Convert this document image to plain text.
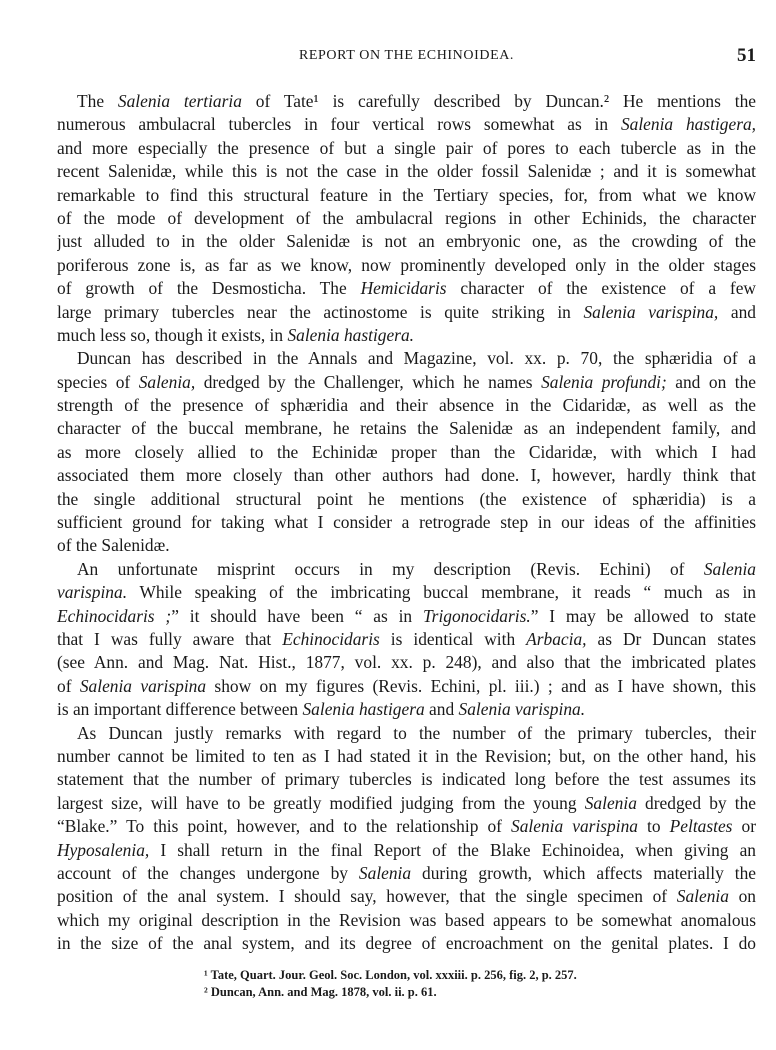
REPORT ON THE ECHINOIDEA.	51
The Salenia tertiaria of Tate¹ is carefully described by Duncan.² He mentions the
numerous ambulacral tubercles in four vertical rows somewhat as in Salenia hastigera,
and more especially the presence of but a single pair of pores to each tubercle as in the
recent Salenidæ, while this is not the case in the older fossil Salenidæ ; and it is somewhat
remarkable to find this structural feature in the Tertiary species, for, from what we know
of the mode of development of the ambulacral regions in other Echinids, the character
just alluded to in the older Salenidæ is not an embryonic one, as the crowding of the
poriferous zone is, as far as we know, now prominently developed only in the older stages
of growth of the Desmosticha. The Hemicidaris character of the existence of a few
large primary tubercles near the actinostome is quite striking in Salenia varispina, and
much less so, though it exists, in Salenia hastigera.
Duncan has described in the Annals and Magazine, vol. xx. p. 70, the sphæridia of a
species of Salenia, dredged by the Challenger, which he names Salenia profundi; and on the
strength of the presence of sphæridia and their absence in the Cidaridæ, as well as the
character of the buccal membrane, he retains the Salenidæ as an independent family, and
as more closely allied to the Echinidæ proper than the Cidaridæ, with which I had
associated them more closely than other authors had done. I, however, hardly think that
the single additional structural point he mentions (the existence of sphæridia) is a
sufficient ground for taking what I consider a retrograde step in our ideas of the affinities
of the Salenidæ.
An unfortunate misprint occurs in my description (Revis. Echini) of Salenia
varispina. While speaking of the imbricating buccal membrane, it reads “ much as in
Echinocidaris ;” it should have been “ as in Trigonocidaris.” I may be allowed to state
that I was fully aware that Echinocidaris is identical with Arbacia, as Dr Duncan states
(see Ann. and Mag. Nat. Hist., 1877, vol. xx. p. 248), and also that the imbricated plates
of Salenia varispina show on my figures (Revis. Echini, pl. iii.) ; and as I have shown, this
is an important difference between Salenia hastigera and Salenia varispina.
As Duncan justly remarks with regard to the number of the primary tubercles, their
number cannot be limited to ten as I had stated it in the Revision; but, on the other hand, his
statement that the number of primary tubercles is indicated long before the test assumes its
largest size, will have to be greatly modified judging from the young Salenia dredged by the
“Blake.” To this point, however, and to the relationship of Salenia varispina to Peltastes or
Hyposalenia, I shall return in the final Report of the Blake Echinoidea, when giving an
account of the changes undergone by Salenia during growth, which affects materially the
position of the anal system. I should say, however, that the single specimen of Salenia on
which my original description in the Revision was based appears to be somewhat anomalous
in the size of the anal system, and its degree of encroachment on the genital plates. I do
¹ Tate, Quart. Jour. Geol. Soc. London, vol. xxxiii. p. 256, fig. 2, p. 257.
² Duncan, Ann. and Mag. 1878, vol. ii. p. 61.
